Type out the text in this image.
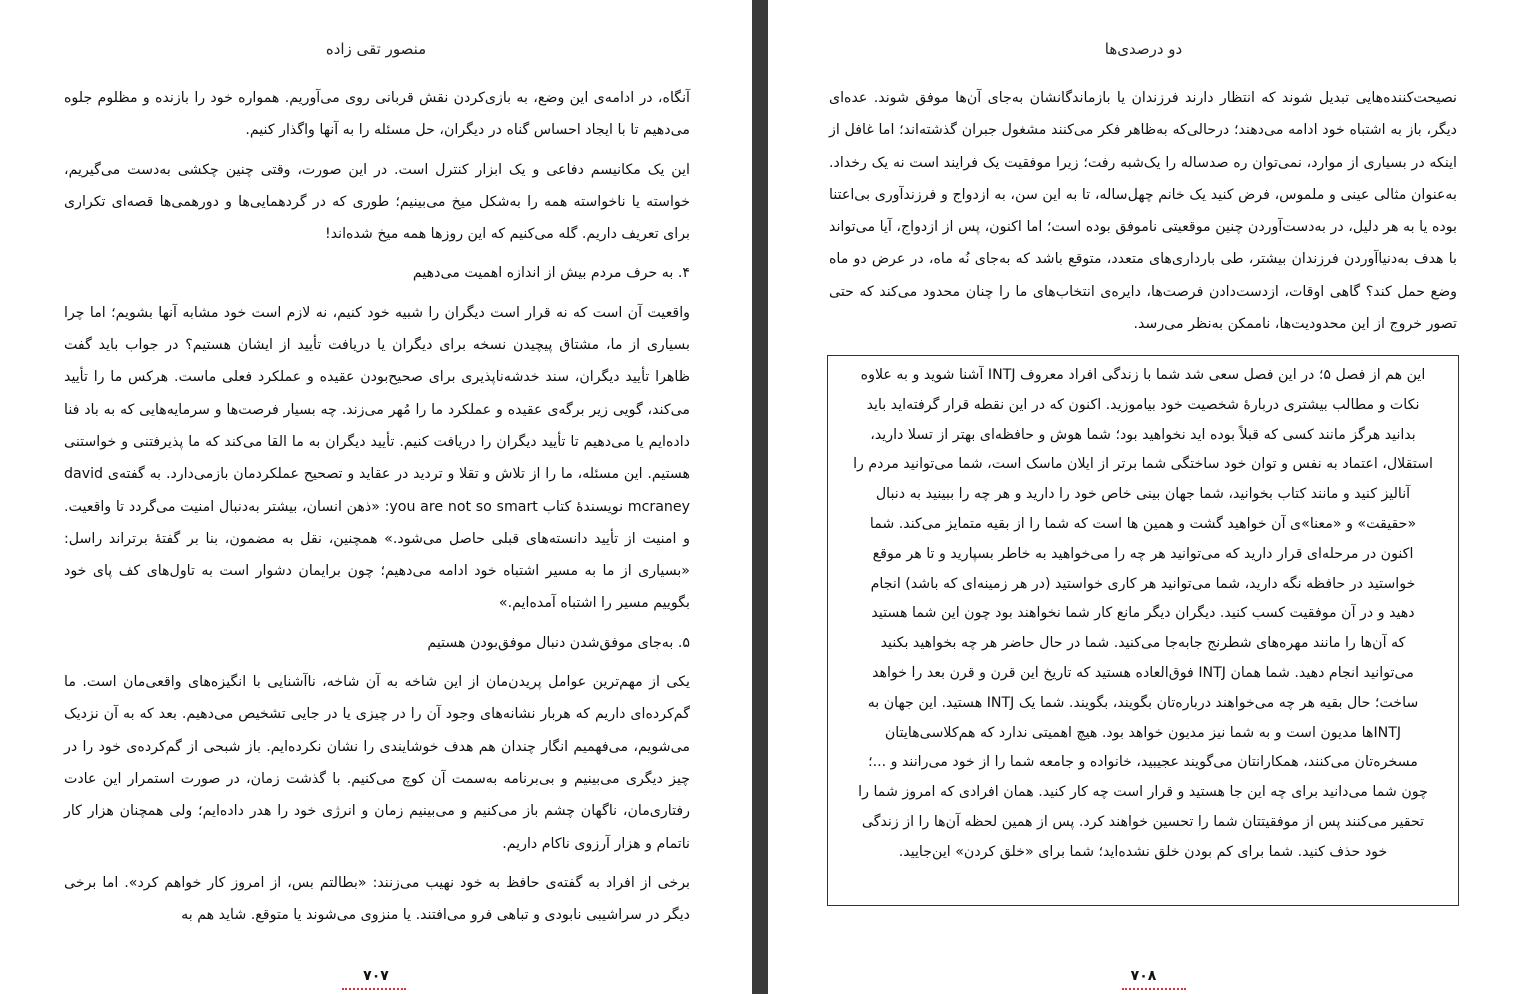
منصور تقی زاده

آنگاه، در ادامه‌ی این وضع، به بازی‌کردن نقش قربانی روی می‌آوریم. همواره خود را بازنده و مظلوم جلوه می‌دهیم تا با ایجاد احساس گناه در دیگران، حل مسئله را به آنها واگذار کنیم.

این یک مکانیسم دفاعی و یک ابزار کنترل است. در این صورت، وقتی چنین چکشی به‌دست می‌گیریم، خواسته یا ناخواسته همه را به‌شکل میخ می‌بینیم؛ طوری که در گردهمایی‌ها و دورهمی‌ها قصه‌ای تکراری برای تعریف داریم. گله می‌کنیم که این روزها همه میخ شده‌اند!

۴. به حرف مردم بیش از اندازه اهمیت می‌دهیم

واقعیت آن است که نه قرار است دیگران را شبیه خود کنیم، نه لازم است خود مشابه آنها بشویم؛ اما چرا بسیاری از ما، مشتاق پیچیدن نسخه برای دیگران یا دریافت تأیید از ایشان هستیم؟ در جواب باید گفت ظاهرا تأیید دیگران، سند خدشه‌ناپذیری برای صحیح‌بودن عقیده و عملکرد فعلی ماست. هرکس ما را تأیید می‌کند، گویی زیر برگه‌ی عقیده و عملکرد ما را مُهر می‌زند. چه بسیار فرصت‌ها و سرمایه‌هایی که به باد فنا داده‌ایم یا می‌دهیم تا تأیید دیگران را دریافت کنیم. تأیید دیگران به ما القا می‌کند که ما پذیرفتنی و خواستنی هستیم. این مسئله، ما را از تلاش و تقلا و تردید در عقاید و تصحیح عملکردمان بازمی‌دارد. به گفته‌ی david mcraney نویسندهٔ کتاب you are not so smart: «ذهن انسان، بیشتر به‌دنبال امنیت می‌گردد تا واقعیت. و امنیت از تأیید دانسته‌های قبلی حاصل می‌شود.» همچنین، نقل به مضمون، بنا بر گفتهٔ برتراند راسل: «بسیاری از ما به مسیر اشتباه خود ادامه می‌دهیم؛ چون برایمان دشوار است به تاول‌های کف پای خود بگوییم مسیر را اشتباه آمده‌ایم.»

۵. به‌جای موفق‌شدن دنبال موفق‌بودن هستیم

یکی از مهم‌ترین عوامل پریدن‌مان از این شاخه به آن شاخه، ناآشنایی با انگیزه‌های واقعی‌مان است. ما گم‌کرده‌ای داریم که هربار نشانه‌های وجود آن را در چیزی یا در جایی تشخیص می‌دهیم. بعد که به آن نزدیک می‌شویم، می‌فهمیم انگار چندان هم هدف خوشایندی را نشان نکرده‌ایم. باز شبحی از گم‌کرده‌ی خود را در چیز دیگری می‌بینیم و بی‌برنامه به‌سمت آن کوچ می‌کنیم. با گذشت زمان، در صورت استمرار این عادت رفتاری‌مان، ناگهان چشم باز می‌کنیم و می‌بینیم زمان و انرژی خود را هدر داده‌ایم؛ ولی همچنان هزار کار ناتمام و هزار آرزوی ناکام داریم.

برخی از افراد به گفته‌ی حافظ به خود نهیب می‌زنند: «بطالتم بس، از امروز کار خواهم کرد». اما برخی دیگر در سراشیبی نابودی و تباهی فرو می‌افتند. یا منزوی می‌شوند یا متوقع. شاید هم به

۷۰۷
دو درصدی‌ها

نصیحت‌کننده‌هایی تبدیل شوند که انتظار دارند فرزندان یا بازماندگانشان به‌جای آن‌ها موفق شوند. عده‌ای دیگر، باز به اشتباه خود ادامه می‌دهند؛ درحالی‌که به‌ظاهر فکر می‌کنند مشغول جبران گذشته‌اند؛ اما غافل از اینکه در بسیاری از موارد، نمی‌توان ره صدساله را یک‌شبه رفت؛ زیرا موفقیت یک فرایند است نه یک رخداد. به‌عنوان مثالی عینی و ملموس، فرض کنید یک خانم چهل‌ساله، تا به این سن، به ازدواج و فرزندآوری بی‌اعتنا بوده یا به هر دلیل، در به‌دست‌آوردن چنین موقعیتی ناموفق بوده است؛ اما اکنون، پس از ازدواج، آیا می‌تواند با هدف به‌دنیاآوردن فرزندان بیشتر، طی بارداری‌های متعدد، متوقع باشد که به‌جای نُه ماه، در عرض دو ماه وضع حمل کند؟ گاهی اوقات، ازدست‌دادن فرصت‌ها، دایره‌ی انتخاب‌های ما را چنان محدود می‌کند که حتی تصور خروج از این محدودیت‌ها، ناممکن به‌نظر می‌رسد.

این هم از فصل ۵؛ در این فصل سعی شد شما با زندگی افراد معروف INTJ آشنا شوید و به علاوه

نکات و مطالب بیشتری دربارهٔ شخصیت خود بیاموزید. اکنون که در این نقطه قرار گرفته‌اید باید

بدانید هرگز مانند کسی که قبلاً بوده اید نخواهید بود؛ شما هوش و حافظه‌ای بهتر از تسلا دارید،

استقلال، اعتماد به نفس و توان خود ساختگی شما برتر از ایلان ماسک است، شما می‌توانید مردم را

آنالیز کنید و مانند کتاب بخوانید، شما جهان بینی خاص خود را دارید و هر چه را ببینید به دنبال

«حقیقت» و «معنا»ی آن خواهید گشت و همین ها است که شما را از بقیه متمایز می‌کند. شما

اکنون در مرحله‌ای قرار دارید که می‌توانید هر چه را می‌خواهید به خاطر بسپارید و تا هر موقع

خواستید در حافظه نگه دارید، شما می‌توانید هر کاری خواستید (در هر زمینه‌ای که باشد) انجام

دهید و در آن موفقیت کسب کنید. دیگران دیگر مانع کار شما نخواهند بود چون این شما هستید

که آن‌ها را مانند مهره‌های شطرنج جابه‌جا می‌کنید. شما در حال حاضر هر چه بخواهید بکنید

می‌توانید انجام دهید. شما همان INTJ فوق‌العاده هستید که تاریخ این قرن و قرن بعد را خواهد

ساخت؛ حال بقیه هر چه می‌خواهند درباره‌تان بگویند، بگویند. شما یک INTJ هستید. این جهان به

INTJها مدیون است و به شما نیز مدیون خواهد بود. هیچ اهمیتی ندارد که هم‌کلاسی‌هایتان

مسخره‌تان می‌کنند، همکارانتان می‌گویند عجیبید، خانواده و جامعه شما را از خود می‌رانند و ...؛

چون شما می‌دانید برای چه این جا هستید و قرار است چه کار کنید. همان افرادی که امروز شما را

تحقیر می‌کنند پس از موفقیتتان شما را تحسین خواهند کرد. پس از همین لحظه آن‌ها را از زندگی

خود حذف کنید. شما برای کم بودن خلق نشده‌اید؛ شما برای «خلق کردن» این‌جایید.

۷۰۸
